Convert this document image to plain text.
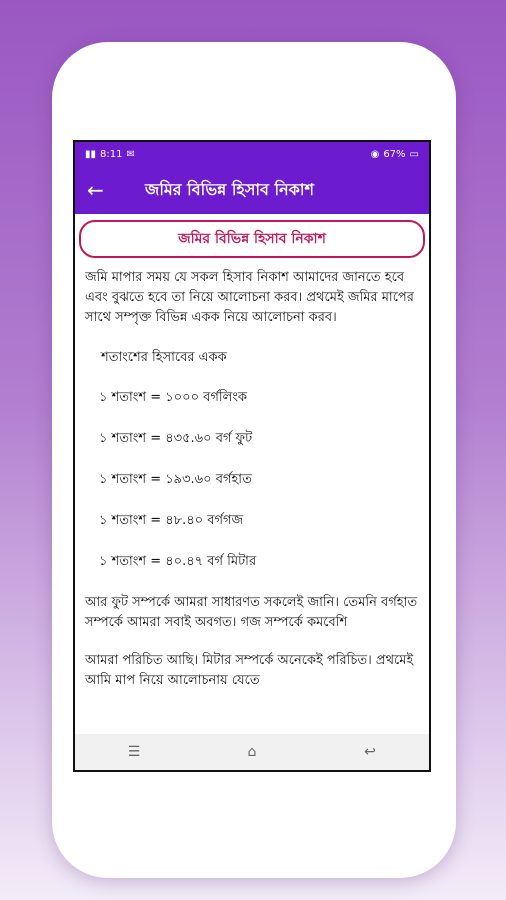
▮▮ 8:11 ✉	◉ 67% ▭
←	জমির বিভিন্ন হিসাব নিকাশ
জমির বিভিন্ন হিসাব নিকাশ

জমি মাপার সময় যে সকল হিসাব নিকাশ আমাদের জানতে হবে এবং বুঝতে হবে তা নিয়ে আলোচনা করব। প্রথমেই জমির মাপের সাথে সম্পৃক্ত বিভিন্ন একক নিয়ে আলোচনা করব।

শতাংশের হিসাবের একক

১ শতাংশ = ১০০০ বর্গলিংক

১ শতাংশ = ৪৩৫.৬০ বর্গ ফুট

১ শতাংশ = ১৯৩.৬০ বর্গহাত

১ শতাংশ = ৪৮.৪০ বর্গগজ

১ শতাংশ = ৪০.৪৭ বর্গ মিটার

আর ফুট সম্পর্কে আমরা সাধারণত সকলেই জানি। তেমনি বর্গহাত সম্পর্কে আমরা সবাই অবগত। গজ সম্পর্কে কমবেশি

আমরা পরিচিত আছি। মিটার সম্পর্কে অনেকেই পরিচিত। প্রথমেই আমি মাপ নিয়ে আলোচনায় যেতে

☰	⌂	↩
